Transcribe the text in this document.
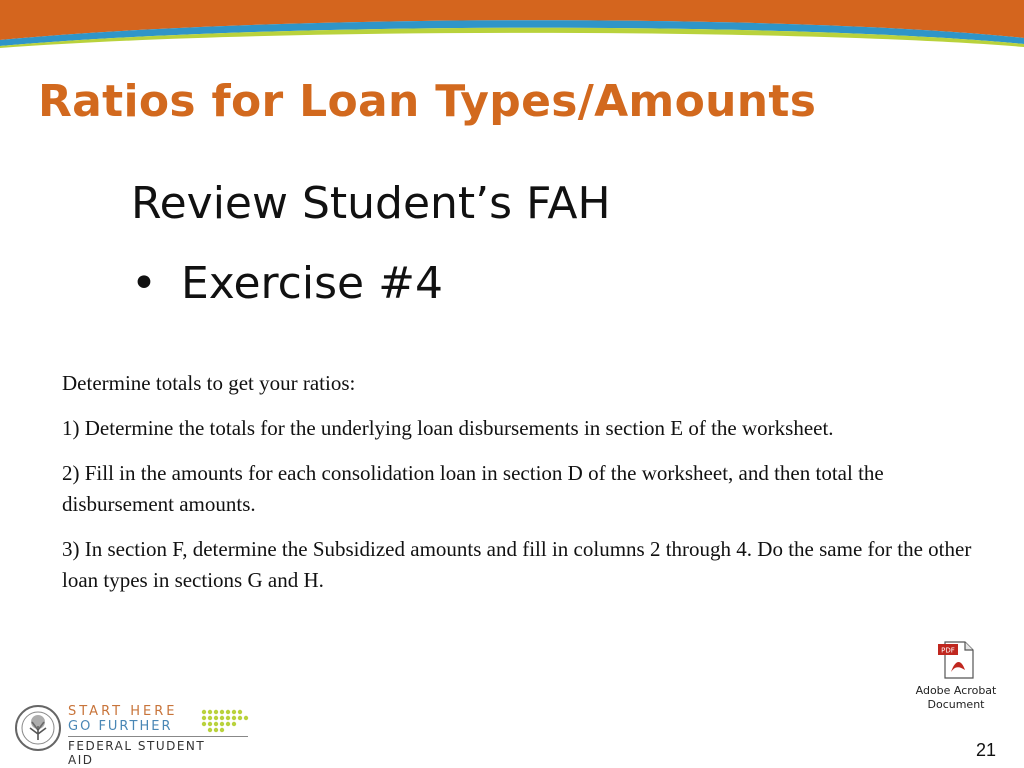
Ratios for Loan Types/Amounts
Review Student’s FAH
• Exercise #4

Determine totals to get your ratios:

1) Determine the totals for the underlying loan disbursements in section E of the worksheet.

2) Fill in the amounts for each consolidation loan in section D of the worksheet, and then total the disbursement amounts.

3) In section F, determine the Subsidized amounts and fill in columns 2 through 4. Do the same for the other loan types in sections G and H.

PDF
Adobe Acrobat
Document
START HERE
GO FURTHER
FEDERAL STUDENT AID	21
